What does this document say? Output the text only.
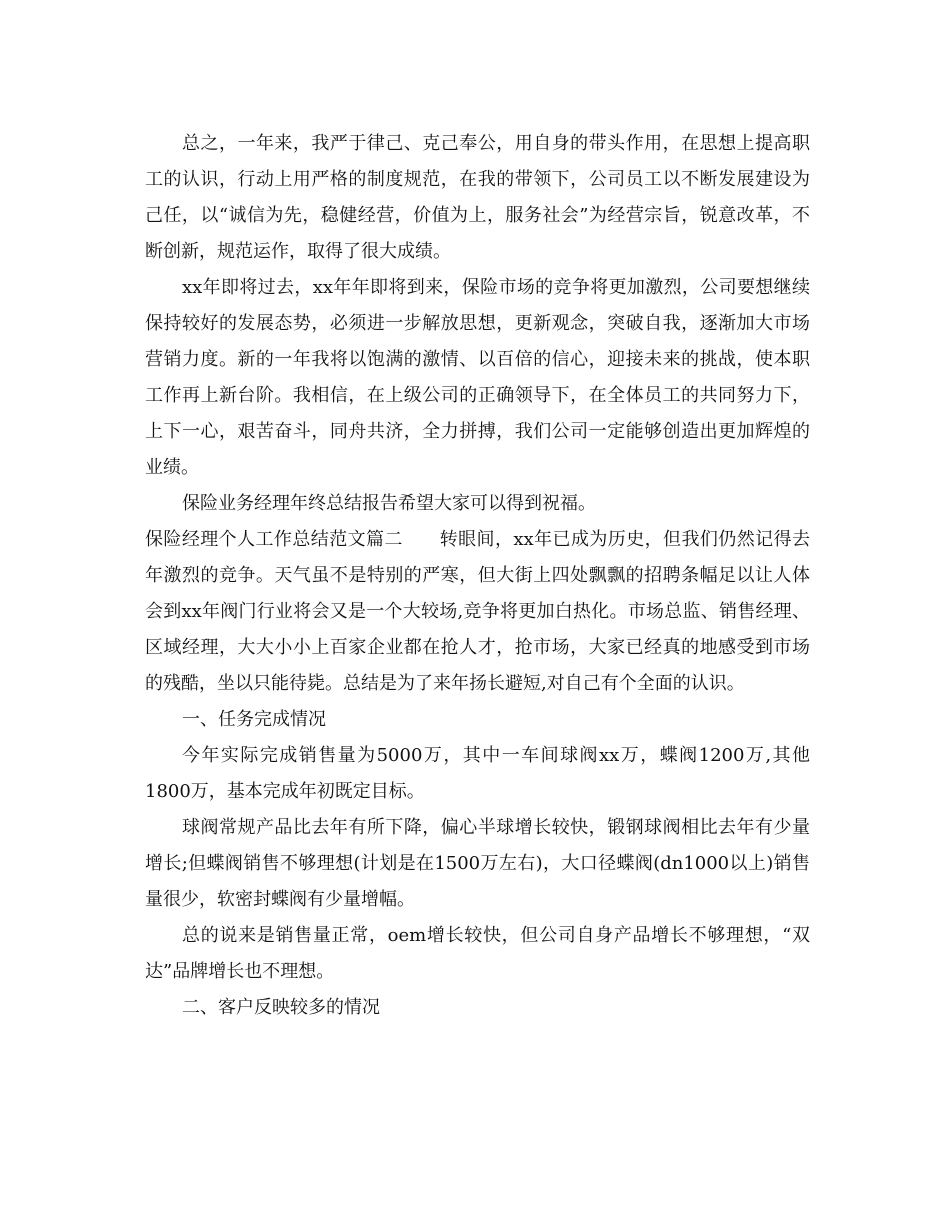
总之，一年来，我严于律己、克己奉公，用自身的带头作用，在思想上提高职工的认识，行动上用严格的制度规范，在我的带领下，公司员工以不断发展建设为己任，以“诚信为先，稳健经营，价值为上，服务社会”为经营宗旨，锐意改革，不断创新，规范运作，取得了很大成绩。

xx年即将过去，xx年年即将到来，保险市场的竞争将更加激烈，公司要想继续保持较好的发展态势，必须进一步解放思想，更新观念，突破自我，逐渐加大市场营销力度。新的一年我将以饱满的激情、以百倍的信心，迎接未来的挑战，使本职工作再上新台阶。我相信，在上级公司的正确领导下，在全体员工的共同努力下，上下一心，艰苦奋斗，同舟共济，全力拼搏，我们公司一定能够创造出更加辉煌的业绩。

保险业务经理年终总结报告希望大家可以得到祝福。

保险经理个人工作总结范文篇二　　转眼间，xx年已成为历史，但我们仍然记得去年激烈的竞争。天气虽不是特别的严寒，但大街上四处飘飘的招聘条幅足以让人体会到xx年阀门行业将会又是一个大较场,竞争将更加白热化。市场总监、销售经理、区域经理，大大小小上百家企业都在抢人才，抢市场，大家已经真的地感受到市场的残酷，坐以只能待毙。总结是为了来年扬长避短,对自己有个全面的认识。

一、任务完成情况

今年实际完成销售量为5000万，其中一车间球阀xx万，蝶阀1200万,其他1800万，基本完成年初既定目标。

球阀常规产品比去年有所下降，偏心半球增长较快，锻钢球阀相比去年有少量增长;但蝶阀销售不够理想(计划是在1500万左右)，大口径蝶阀(dn1000以上)销售量很少，软密封蝶阀有少量增幅。

总的说来是销售量正常，oem增长较快，但公司自身产品增长不够理想，“双达”品牌增长也不理想。

二、客户反映较多的情况
